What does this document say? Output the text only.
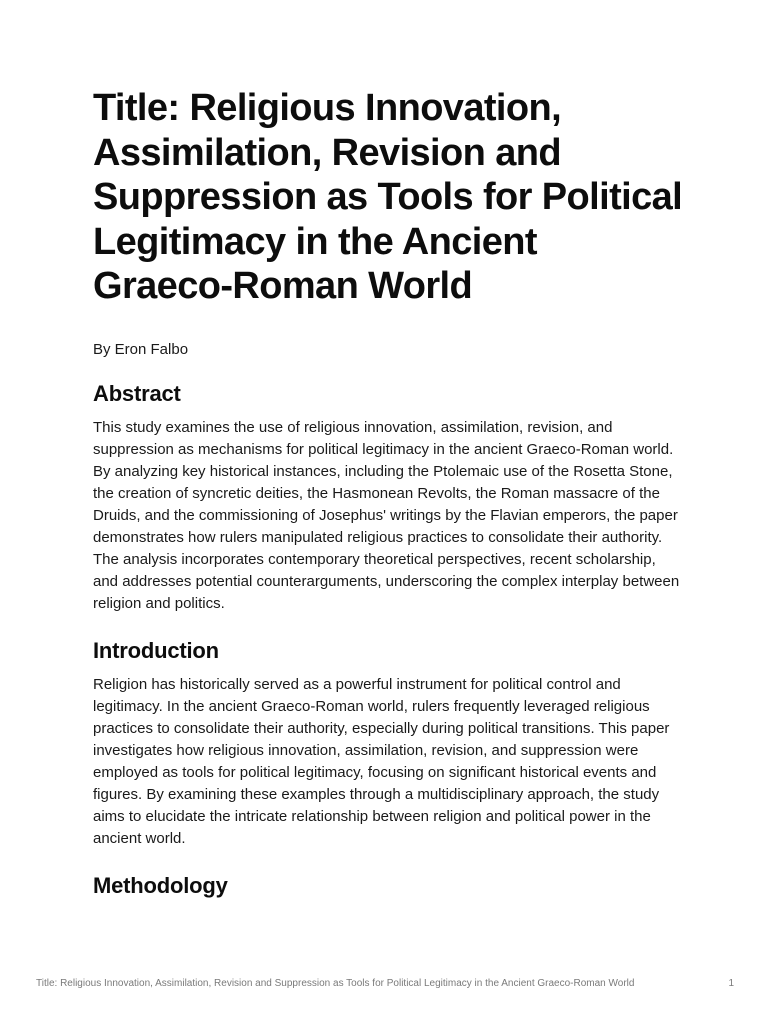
Title: Religious Innovation, Assimilation, Revision and Suppression as Tools for Political Legitimacy in the Ancient Graeco-Roman World

By Eron Falbo

Abstract

This study examines the use of religious innovation, assimilation, revision, and suppression as mechanisms for political legitimacy in the ancient Graeco-Roman world. By analyzing key historical instances, including the Ptolemaic use of the Rosetta Stone, the creation of syncretic deities, the Hasmonean Revolts, the Roman massacre of the Druids, and the commissioning of Josephus' writings by the Flavian emperors, the paper demonstrates how rulers manipulated religious practices to consolidate their authority. The analysis incorporates contemporary theoretical perspectives, recent scholarship, and addresses potential counterarguments, underscoring the complex interplay between religion and politics.

Introduction

Religion has historically served as a powerful instrument for political control and legitimacy. In the ancient Graeco-Roman world, rulers frequently leveraged religious practices to consolidate their authority, especially during political transitions. This paper investigates how religious innovation, assimilation, revision, and suppression were employed as tools for political legitimacy, focusing on significant historical events and figures. By examining these examples through a multidisciplinary approach, the study aims to elucidate the intricate relationship between religion and political power in the ancient world.

Methodology
Title: Religious Innovation, Assimilation, Revision and Suppression as Tools for Political Legitimacy in the Ancient Graeco-Roman World	1
